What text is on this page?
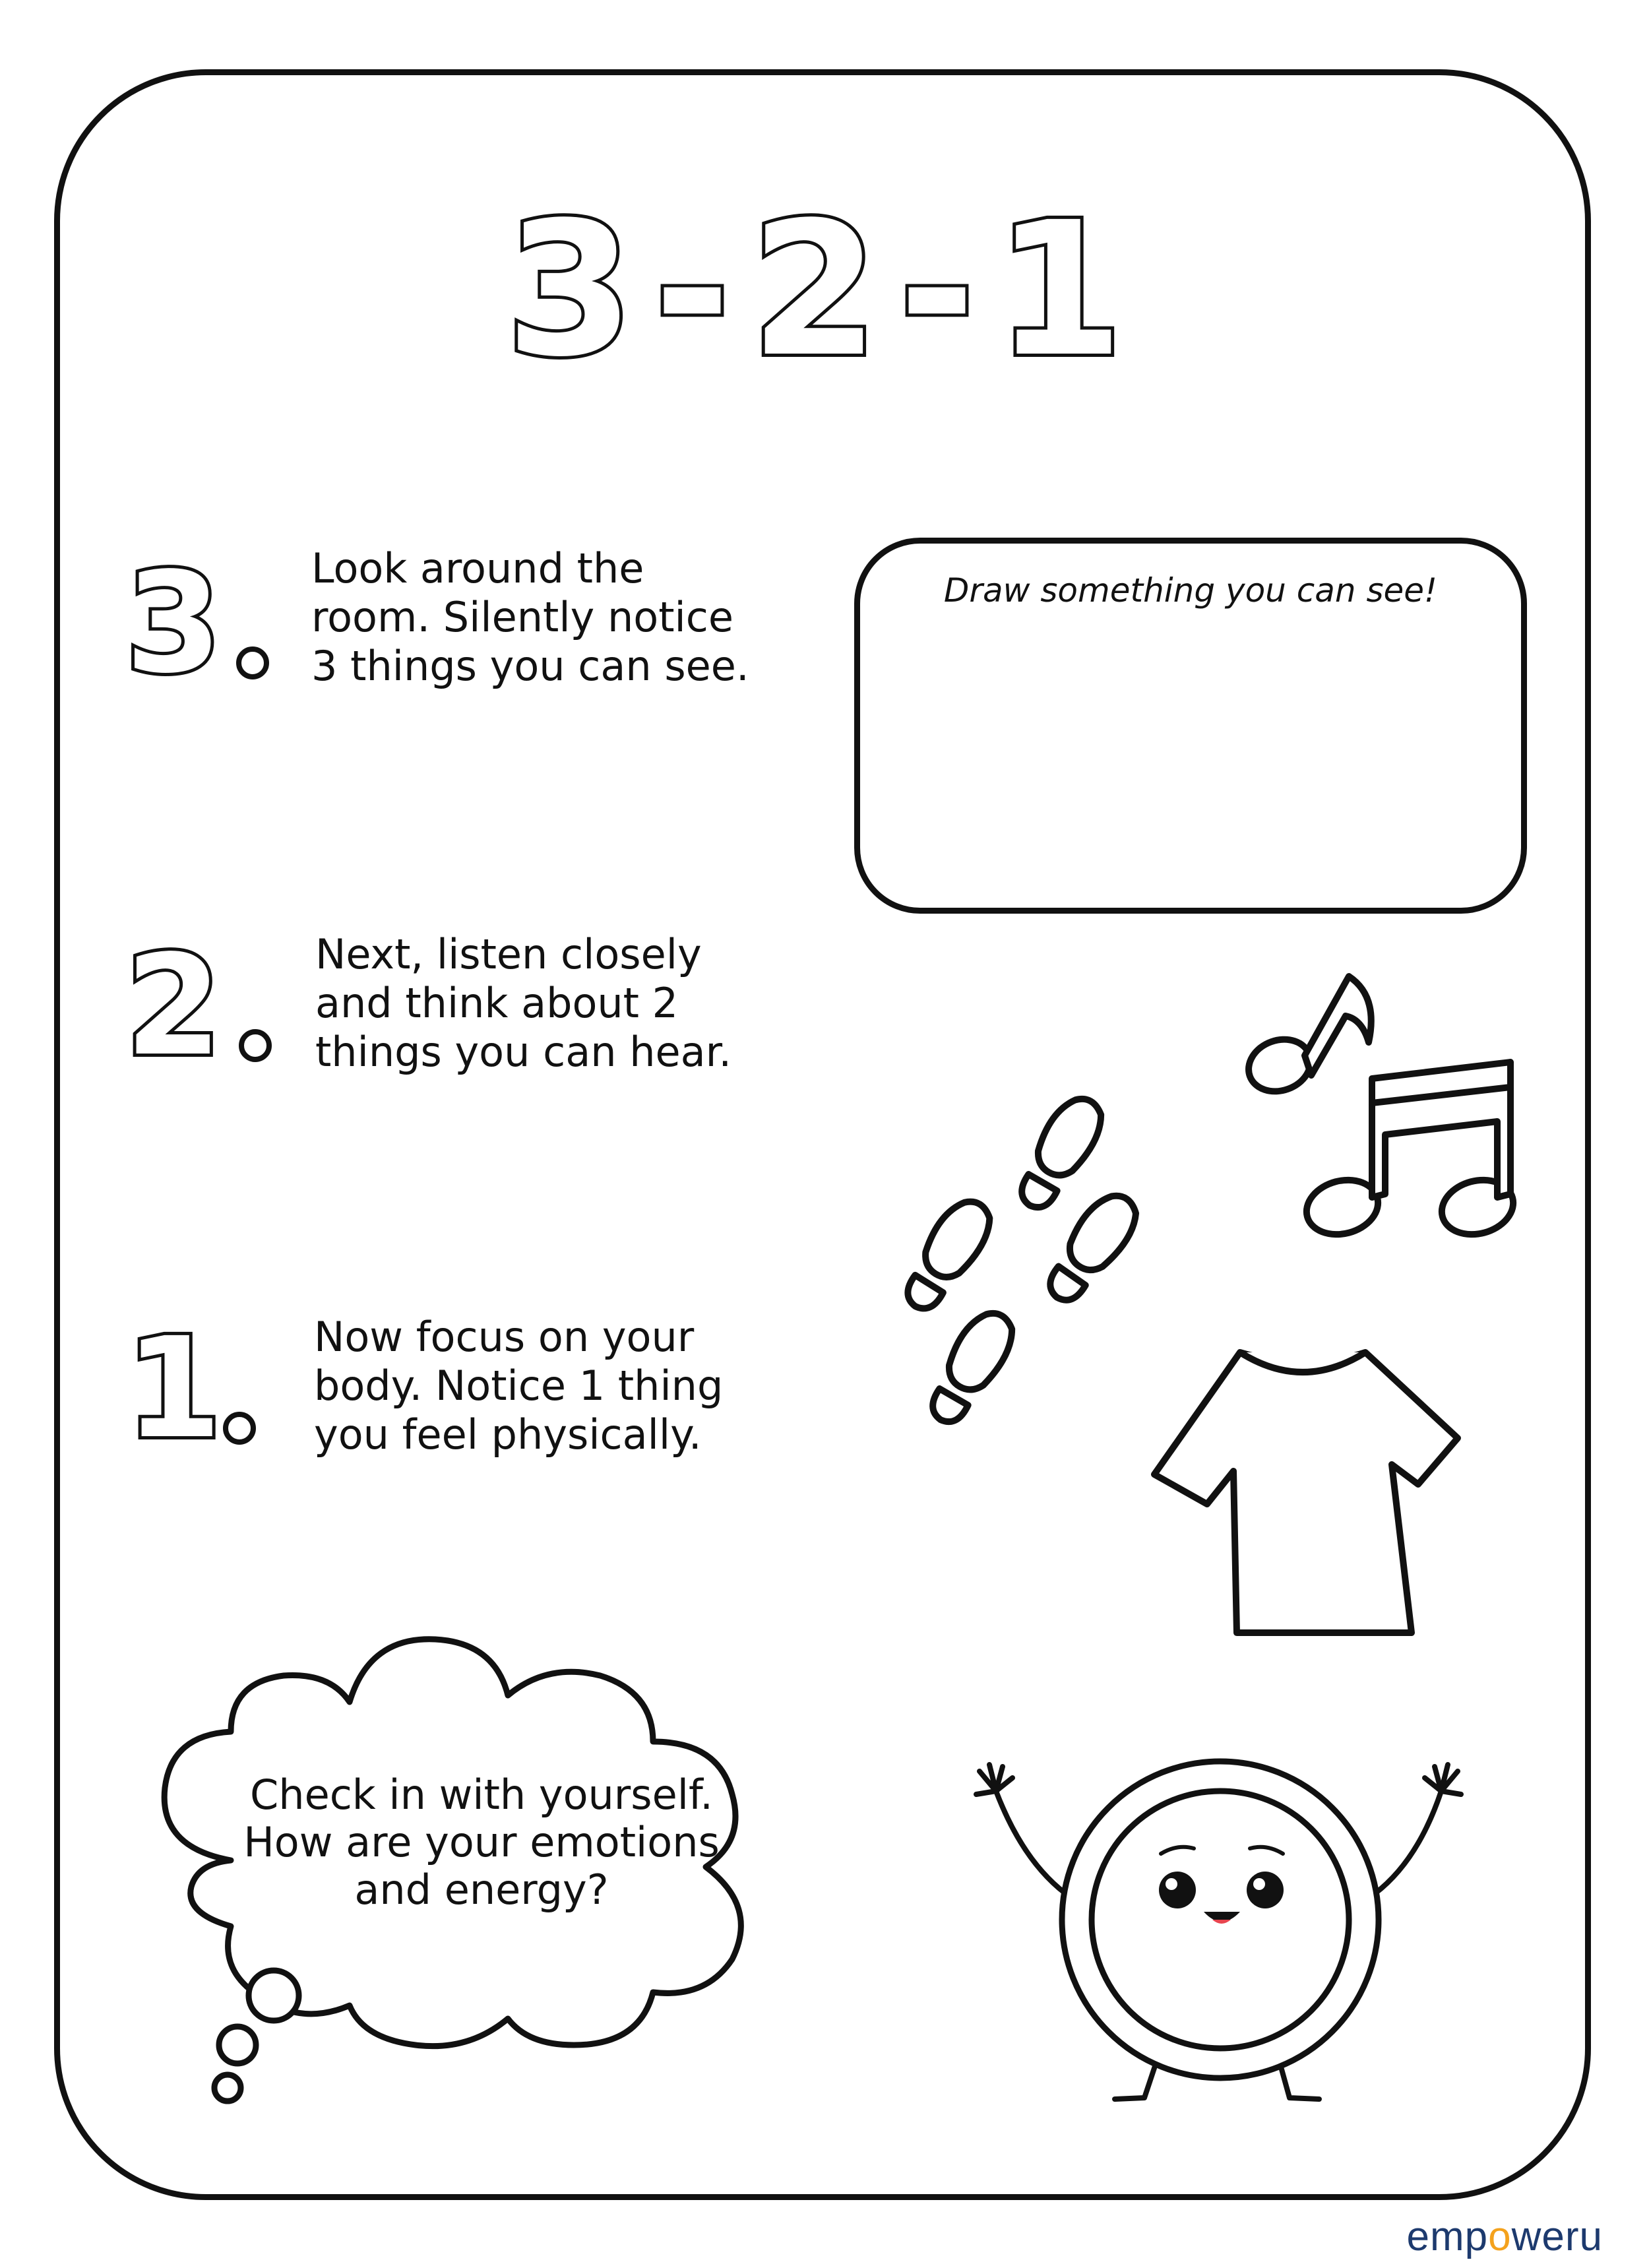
3-2-1
3 Look around the
room. Silently notice
3 things you can see.
Draw something you can see!
2 Next, listen closely
and think about 2
things you can hear.
1 Now focus on your
body. Notice 1 thing
you feel physically.
Check in with yourself.
How are your emotions
and energy?
empoweru
